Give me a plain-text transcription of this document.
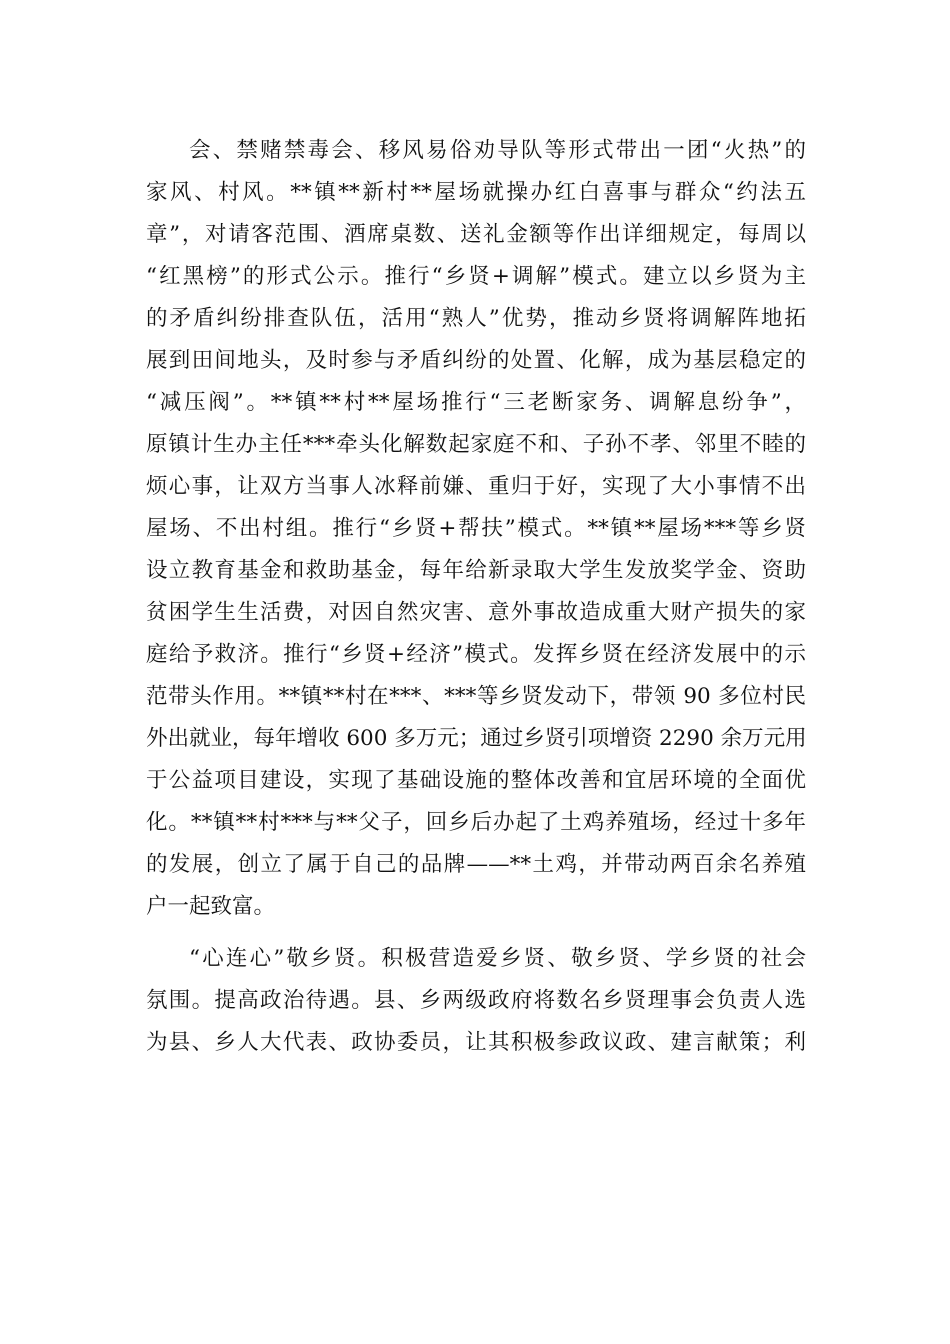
会、禁赌禁毒会、移风易俗劝导队等形式带出一团“火热”的
家风、村风。**镇**新村**屋场就操办红白喜事与群众“约法五
章”，对请客范围、酒席桌数、送礼金额等作出详细规定，每周以
“红黑榜”的形式公示。推行“乡贤+调解”模式。建立以乡贤为主
的矛盾纠纷排查队伍，活用“熟人”优势，推动乡贤将调解阵地拓
展到田间地头，及时参与矛盾纠纷的处置、化解，成为基层稳定的
“减压阀”。**镇**村**屋场推行“三老断家务、调解息纷争”，
原镇计生办主任***牵头化解数起家庭不和、子孙不孝、邻里不睦的
烦心事，让双方当事人冰释前嫌、重归于好，实现了大小事情不出
屋场、不出村组。推行“乡贤+帮扶”模式。**镇**屋场***等乡贤
设立教育基金和救助基金，每年给新录取大学生发放奖学金、资助
贫困学生生活费，对因自然灾害、意外事故造成重大财产损失的家
庭给予救济。推行“乡贤+经济”模式。发挥乡贤在经济发展中的示
范带头作用。**镇**村在***、***等乡贤发动下，带领 90 多位村民
外出就业，每年增收 600 多万元；通过乡贤引项增资 2290 余万元用
于公益项目建设，实现了基础设施的整体改善和宜居环境的全面优
化。**镇**村***与**父子，回乡后办起了土鸡养殖场，经过十多年
的发展，创立了属于自己的品牌——**土鸡，并带动两百余名养殖
户一起致富。
“心连心”敬乡贤。积极营造爱乡贤、敬乡贤、学乡贤的社会
氛围。提高政治待遇。县、乡两级政府将数名乡贤理事会负责人选
为县、乡人大代表、政协委员，让其积极参政议政、建言献策；利
